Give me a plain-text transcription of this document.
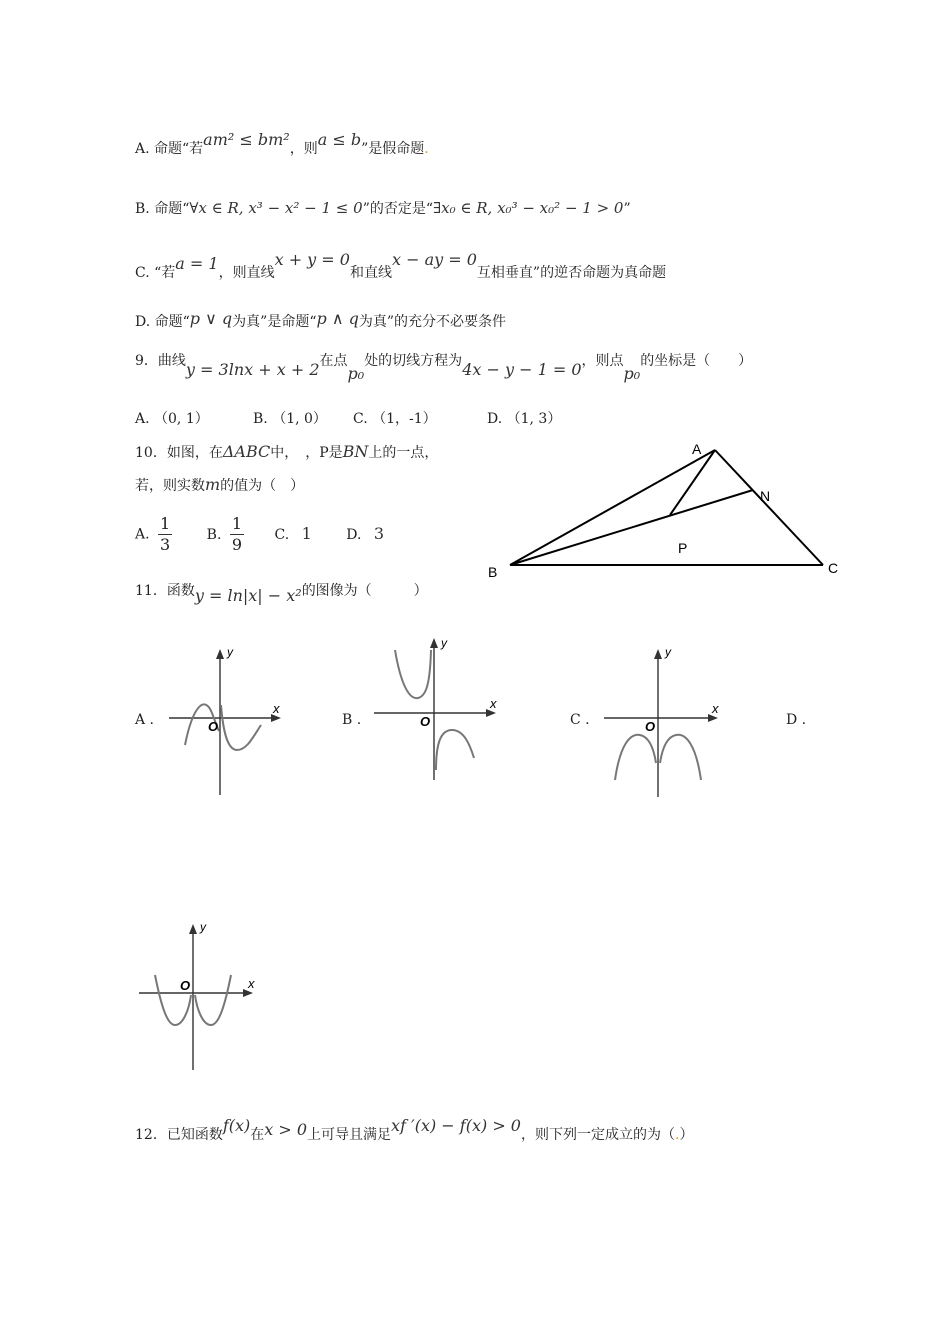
A. 命题“若am² ≤ bm²，则a ≤ b”是假命题.
B. 命题“∀x ∈ R, x³ − x² − 1 ≤ 0”的否定是“∃x₀ ∈ R, x₀³ − x₀² − 1 > 0”
C. “若a = 1，则直线x + y = 0和直线x − ay = 0互相垂直”的逆否命题为真命题
D. 命题“p ∨ q为真”是命题“p ∧ q为真”的充分不必要条件
9．曲线y = 3lnx + x + 2在点p₀处的切线方程为4x − y − 1 = 0，则点p₀的坐标是（　　）
A. （0, 1）	B. （1, 0） C. （1，-1）	D. （1, 3）
10．如图，在ΔABC中，　，P是BN上的一点，
若，则实数m的值为（　）
A. $\frac{1}{3} B$. $\frac{1}{9} C$. 1 D. 3
A
B	C
N
P
11．函数y = ln|x| − x²的图像为（　　　）
A .	B .	C .	D .
y
x
O
y
x
O
y
x
O
y
x
O
12．已知函数f(x)在x > 0上可导且满足xf ′(x) − f(x) > 0，则下列一定成立的为（.）
